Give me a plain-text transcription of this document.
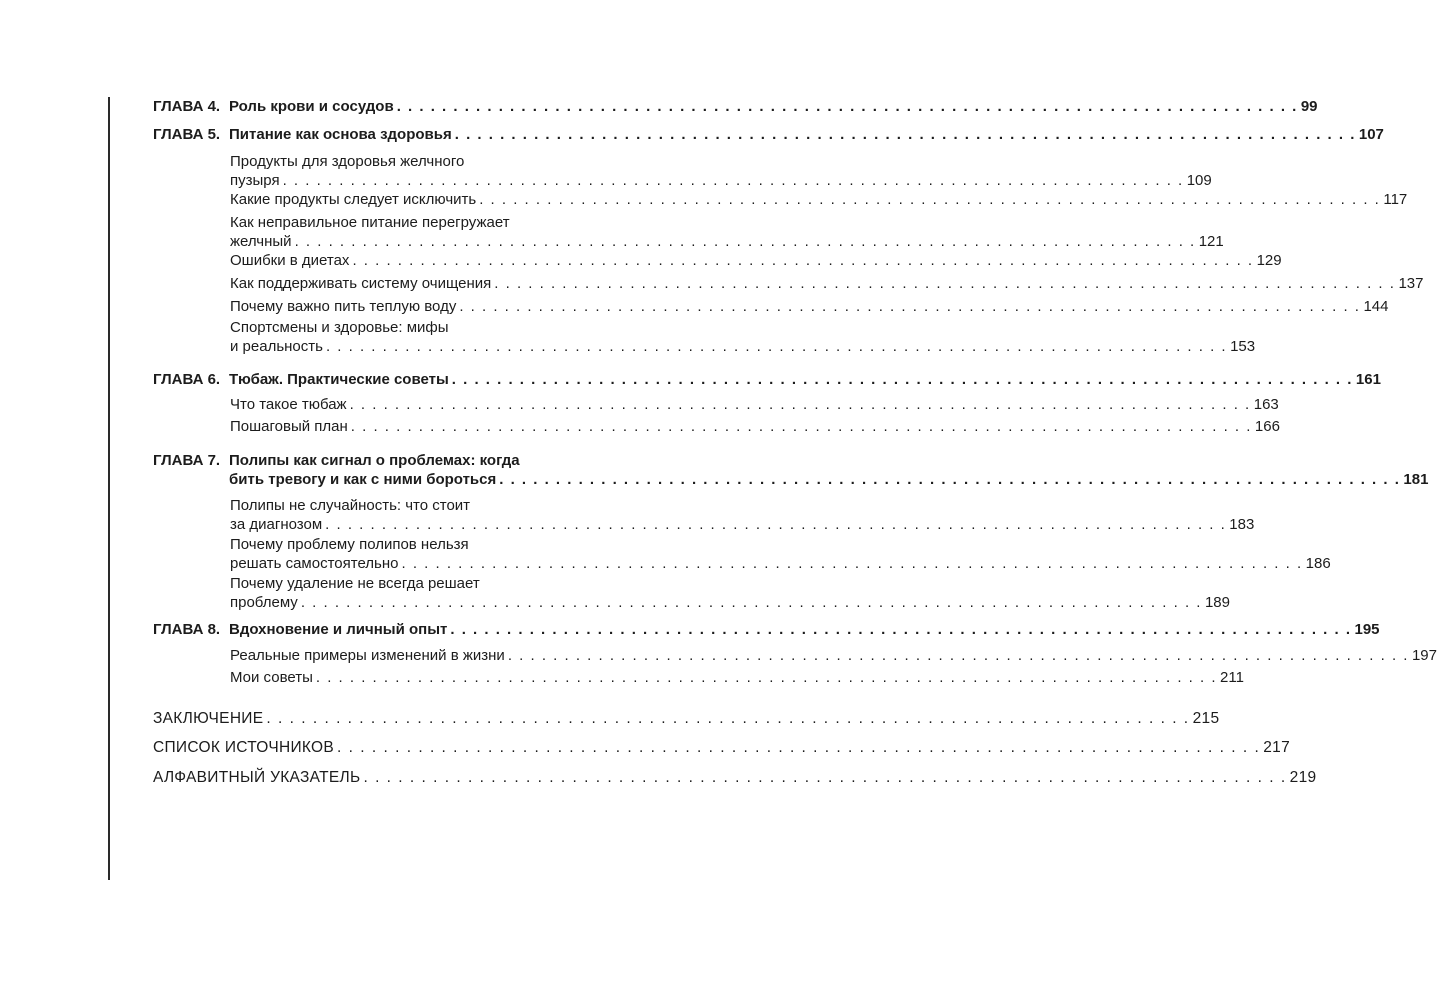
ГЛАВА 4. Роль крови и сосудов . . . . . . . . . . . . . . . . . . . . . . . . . . . . . . . . . . . . . . . . . . . . . . . . . . . . . . . . . . . . . . . . . . . . . . . . . . . . . . . . 99
ГЛАВА 5. Питание как основа здоровья . . . . . . . . . . . . . . . . . . . . . . . . . . . . . . . . . . . . . . . . . . . . . . . . . . . . . . . . . . . . . . . . . . . . . . . . . . . . . . . . 107
Продукты для здоровья желчного
пузыря . . . . . . . . . . . . . . . . . . . . . . . . . . . . . . . . . . . . . . . . . . . . . . . . . . . . . . . . . . . . . . . . . . . . . . . . . . . . . . . . 109
Какие продукты следует исключить . . . . . . . . . . . . . . . . . . . . . . . . . . . . . . . . . . . . . . . . . . . . . . . . . . . . . . . . . . . . . . . . . . . . . . . . . . . . . . . . 117
Как неправильное питание перегружает
желчный . . . . . . . . . . . . . . . . . . . . . . . . . . . . . . . . . . . . . . . . . . . . . . . . . . . . . . . . . . . . . . . . . . . . . . . . . . . . . . . . 121
Ошибки в диетах . . . . . . . . . . . . . . . . . . . . . . . . . . . . . . . . . . . . . . . . . . . . . . . . . . . . . . . . . . . . . . . . . . . . . . . . . . . . . . . . 129
Как поддерживать систему очищения . . . . . . . . . . . . . . . . . . . . . . . . . . . . . . . . . . . . . . . . . . . . . . . . . . . . . . . . . . . . . . . . . . . . . . . . . . . . . . . . 137
Почему важно пить теплую воду . . . . . . . . . . . . . . . . . . . . . . . . . . . . . . . . . . . . . . . . . . . . . . . . . . . . . . . . . . . . . . . . . . . . . . . . . . . . . . . . 144
Спортсмены и здоровье: мифы
и реальность . . . . . . . . . . . . . . . . . . . . . . . . . . . . . . . . . . . . . . . . . . . . . . . . . . . . . . . . . . . . . . . . . . . . . . . . . . . . . . . . 153
ГЛАВА 6. Тюбаж. Практические советы . . . . . . . . . . . . . . . . . . . . . . . . . . . . . . . . . . . . . . . . . . . . . . . . . . . . . . . . . . . . . . . . . . . . . . . . . . . . . . . . 161
Что такое тюбаж . . . . . . . . . . . . . . . . . . . . . . . . . . . . . . . . . . . . . . . . . . . . . . . . . . . . . . . . . . . . . . . . . . . . . . . . . . . . . . . . 163
Пошаговый план . . . . . . . . . . . . . . . . . . . . . . . . . . . . . . . . . . . . . . . . . . . . . . . . . . . . . . . . . . . . . . . . . . . . . . . . . . . . . . . . 166
ГЛАВА 7. Полипы как сигнал о проблемах: когда
бить тревогу и как с ними бороться . . . . . . . . . . . . . . . . . . . . . . . . . . . . . . . . . . . . . . . . . . . . . . . . . . . . . . . . . . . . . . . . . . . . . . . . . . . . . . . . 181
Полипы не случайность: что стоит
за диагнозом . . . . . . . . . . . . . . . . . . . . . . . . . . . . . . . . . . . . . . . . . . . . . . . . . . . . . . . . . . . . . . . . . . . . . . . . . . . . . . . . 183
Почему проблему полипов нельзя
решать самостоятельно . . . . . . . . . . . . . . . . . . . . . . . . . . . . . . . . . . . . . . . . . . . . . . . . . . . . . . . . . . . . . . . . . . . . . . . . . . . . . . . . 186
Почему удаление не всегда решает
проблему . . . . . . . . . . . . . . . . . . . . . . . . . . . . . . . . . . . . . . . . . . . . . . . . . . . . . . . . . . . . . . . . . . . . . . . . . . . . . . . . 189
ГЛАВА 8. Вдохновение и личный опыт . . . . . . . . . . . . . . . . . . . . . . . . . . . . . . . . . . . . . . . . . . . . . . . . . . . . . . . . . . . . . . . . . . . . . . . . . . . . . . . . 195
Реальные примеры изменений в жизни . . . . . . . . . . . . . . . . . . . . . . . . . . . . . . . . . . . . . . . . . . . . . . . . . . . . . . . . . . . . . . . . . . . . . . . . . . . . . . . . 197
Мои советы . . . . . . . . . . . . . . . . . . . . . . . . . . . . . . . . . . . . . . . . . . . . . . . . . . . . . . . . . . . . . . . . . . . . . . . . . . . . . . . . 211
ЗАКЛЮЧЕНИЕ . . . . . . . . . . . . . . . . . . . . . . . . . . . . . . . . . . . . . . . . . . . . . . . . . . . . . . . . . . . . . . . . . . . . . . . . . . . . . . . . 215
СПИСОК ИСТОЧНИКОВ . . . . . . . . . . . . . . . . . . . . . . . . . . . . . . . . . . . . . . . . . . . . . . . . . . . . . . . . . . . . . . . . . . . . . . . . . . . . . . . . 217
АЛФАВИТНЫЙ УКАЗАТЕЛЬ . . . . . . . . . . . . . . . . . . . . . . . . . . . . . . . . . . . . . . . . . . . . . . . . . . . . . . . . . . . . . . . . . . . . . . . . . . . . . . . . 219
